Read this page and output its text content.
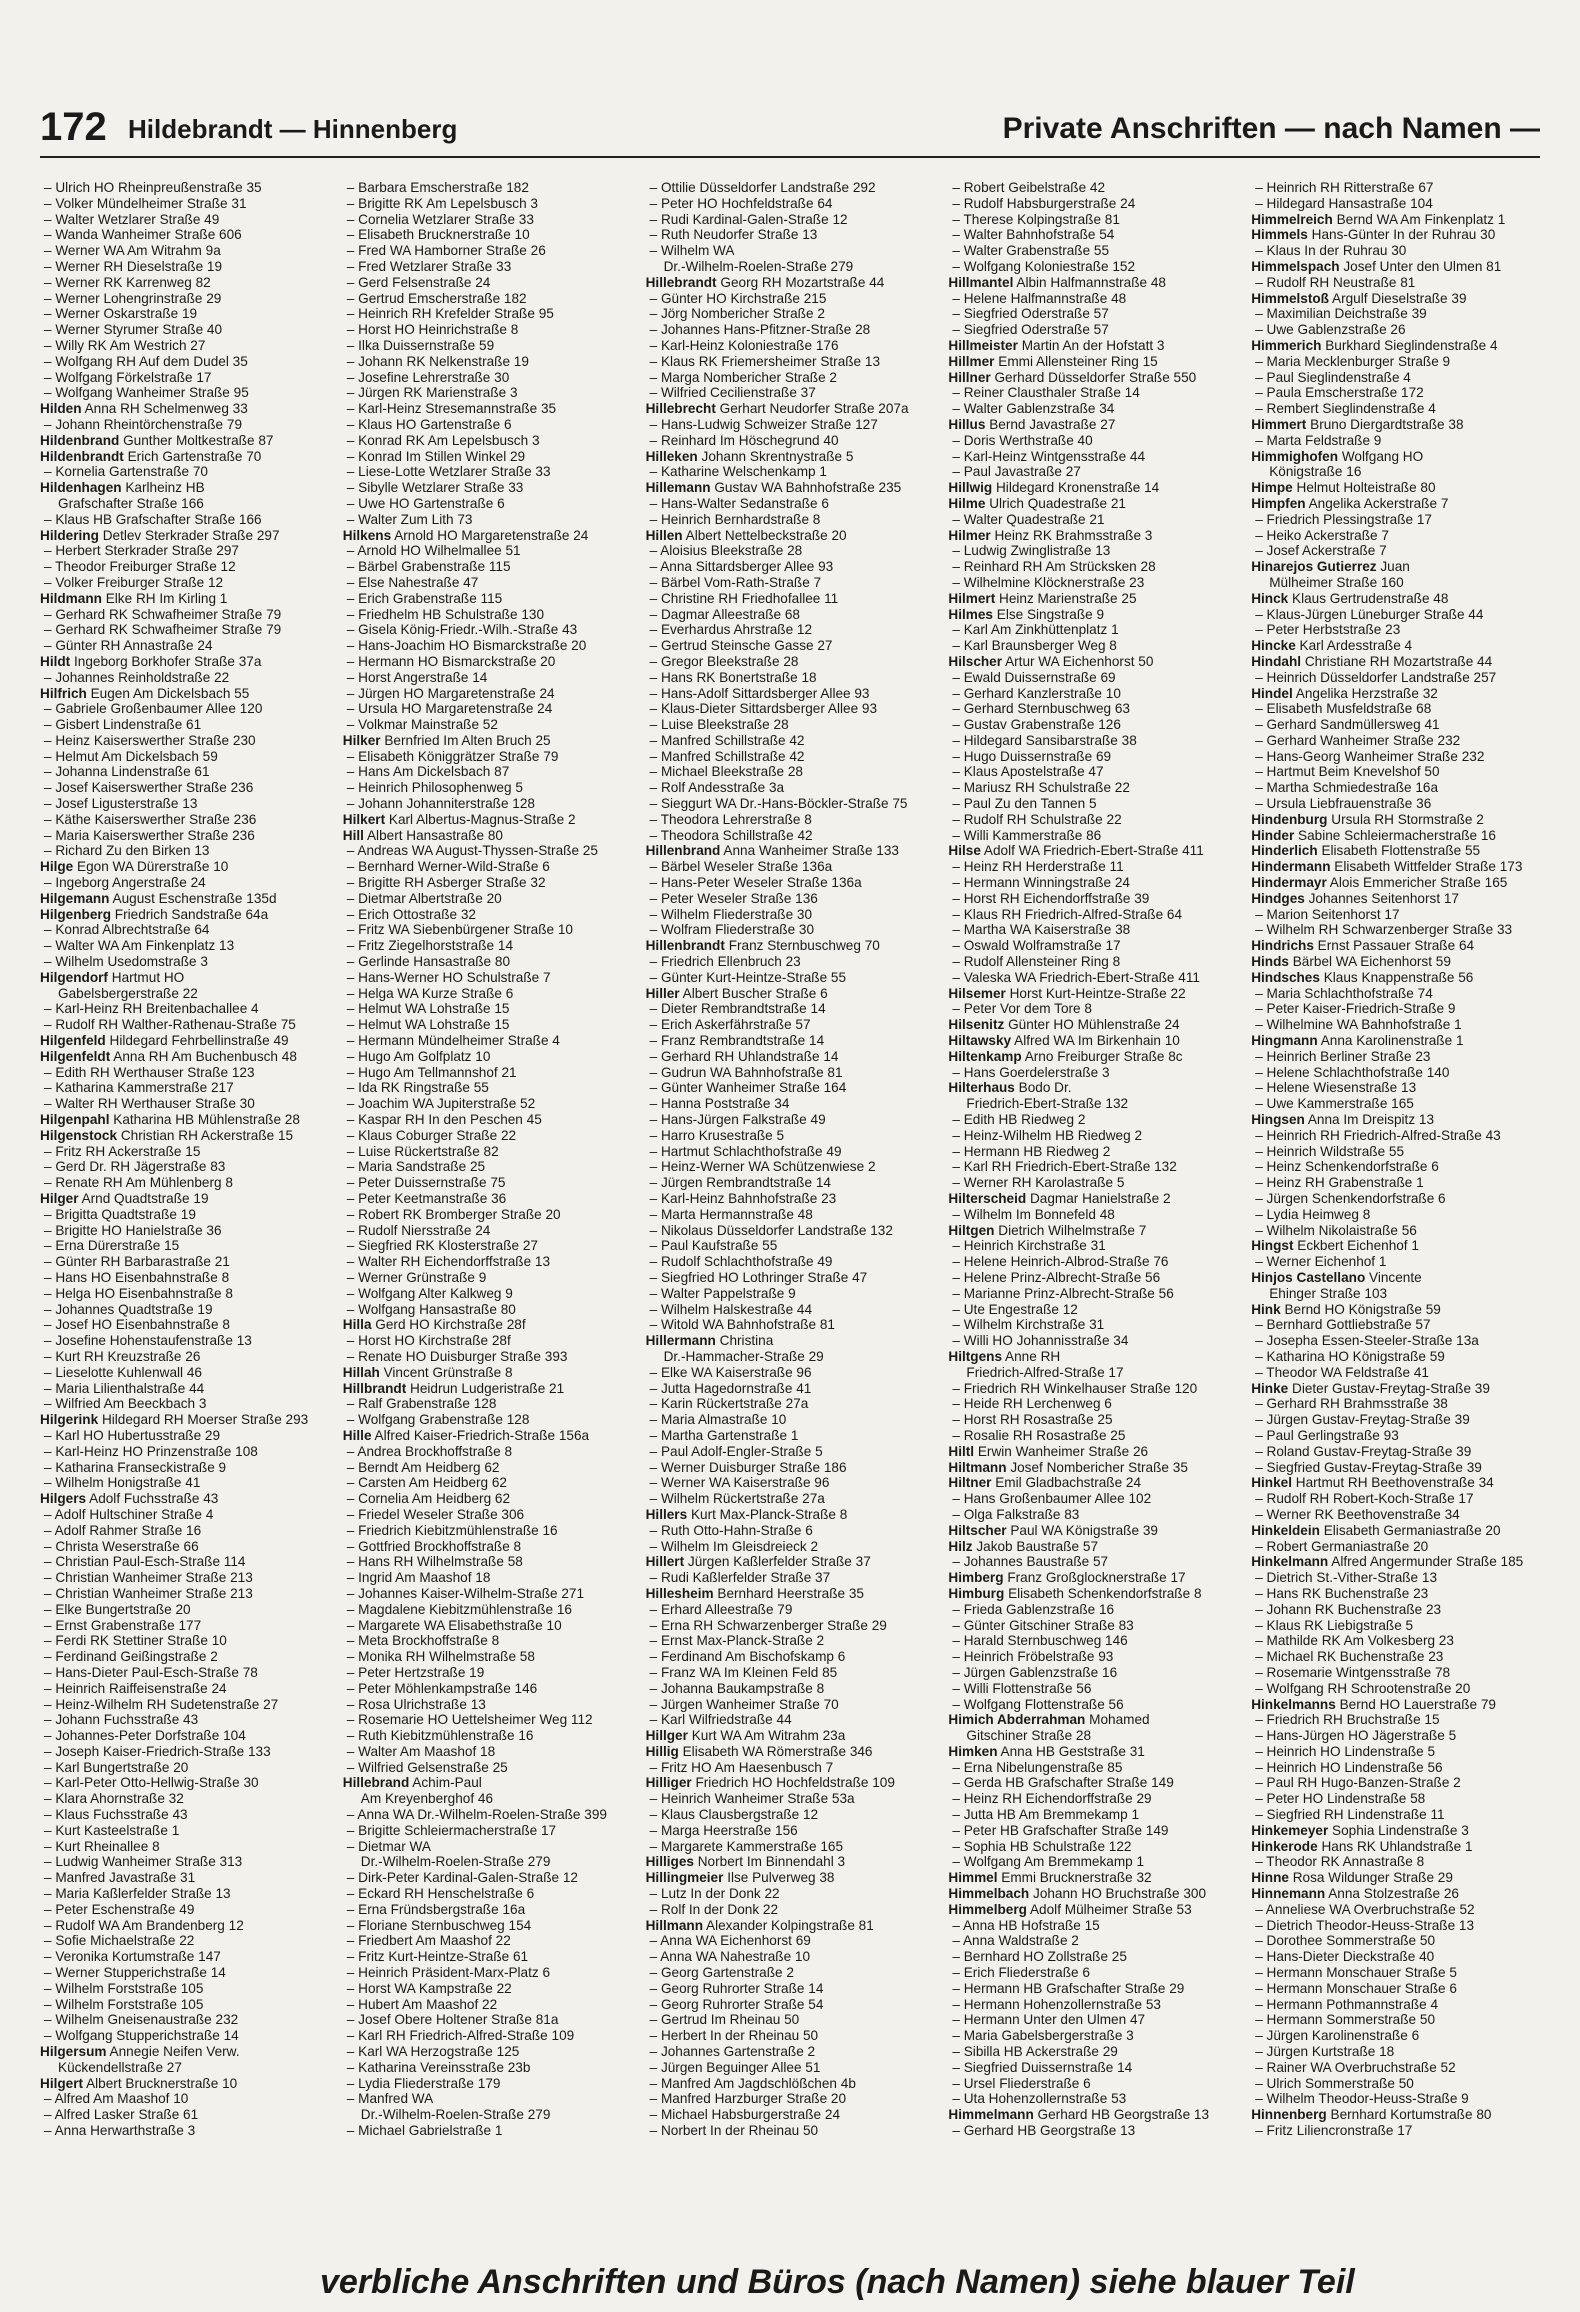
172 Hildebrandt — Hinnenberg	Private Anschriften — nach Namen —
– Ulrich HO Rheinpreußenstraße 35
– Volker Mündelheimer Straße 31
– Walter Wetzlarer Straße 49
– Wanda Wanheimer Straße 606
– Werner WA Am Witrahm 9a
– Werner RH Dieselstraße 19
– Werner RK Karrenweg 82
– Werner Lohengrinstraße 29
– Werner Oskarstraße 19
– Werner Styrumer Straße 40
– Willy RK Am Westrich 27
– Wolfgang RH Auf dem Dudel 35
– Wolfgang Förkelstraße 17
– Wolfgang Wanheimer Straße 95
Hilden Anna RH Schelmenweg 33
– Johann Rheintörchenstraße 79
Hildenbrand Gunther Moltkestraße 87
Hildenbrandt Erich Gartenstraße 70
– Kornelia Gartenstraße 70
Hildenhagen Karlheinz HB
Grafschafter Straße 166
– Klaus HB Grafschafter Straße 166
Hildering Detlev Sterkrader Straße 297
– Herbert Sterkrader Straße 297
– Theodor Freiburger Straße 12
– Volker Freiburger Straße 12
Hildmann Elke RH Im Kirling 1
– Gerhard RK Schwafheimer Straße 79
– Gerhard RK Schwafheimer Straße 79
– Günter RH Annastraße 24
Hildt Ingeborg Borkhofer Straße 37a
– Johannes Reinholdstraße 22
Hilfrich Eugen Am Dickelsbach 55
– Gabriele Großenbaumer Allee 120
– Gisbert Lindenstraße 61
– Heinz Kaiserswerther Straße 230
– Helmut Am Dickelsbach 59
– Johanna Lindenstraße 61
– Josef Kaiserswerther Straße 236
– Josef Ligusterstraße 13
– Käthe Kaiserswerther Straße 236
– Maria Kaiserswerther Straße 236
– Richard Zu den Birken 13
Hilge Egon WA Dürerstraße 10
– Ingeborg Angerstraße 24
Hilgemann August Eschenstraße 135d
Hilgenberg Friedrich Sandstraße 64a
– Konrad Albrechtstraße 64
– Walter WA Am Finkenplatz 13
– Wilhelm Usedomstraße 3
Hilgendorf Hartmut HO
Gabelsbergerstraße 22
– Karl-Heinz RH Breitenbachallee 4
– Rudolf RH Walther-Rathenau-Straße 75
Hilgenfeld Hildegard Fehrbellinstraße 49
Hilgenfeldt Anna RH Am Buchenbusch 48
– Edith RH Werthauser Straße 123
– Katharina Kammerstraße 217
– Walter RH Werthauser Straße 30
Hilgenpahl Katharina HB Mühlenstraße 28
Hilgenstock Christian RH Ackerstraße 15
– Fritz RH Ackerstraße 15
– Gerd Dr. RH Jägerstraße 83
– Renate RH Am Mühlenberg 8
Hilger Arnd Quadtstraße 19
– Brigitta Quadtstraße 19
– Brigitte HO Hanielstraße 36
– Erna Dürerstraße 15
– Günter RH Barbarastraße 21
– Hans HO Eisenbahnstraße 8
– Helga HO Eisenbahnstraße 8
– Johannes Quadtstraße 19
– Josef HO Eisenbahnstraße 8
– Josefine Hohenstaufenstraße 13
– Kurt RH Kreuzstraße 26
– Lieselotte Kuhlenwall 46
– Maria Lilienthalstraße 44
– Wilfried Am Beeckbach 3
Hilgerink Hildegard RH Moerser Straße 293
– Karl HO Hubertusstraße 29
– Karl-Heinz HO Prinzenstraße 108
– Katharina Franseckistraße 9
– Wilhelm Honigstraße 41
Hilgers Adolf Fuchsstraße 43
– Adolf Hultschiner Straße 4
– Adolf Rahmer Straße 16
– Christa Weserstraße 66
– Christian Paul-Esch-Straße 114
– Christian Wanheimer Straße 213
– Christian Wanheimer Straße 213
– Elke Bungertstraße 20
– Ernst Grabenstraße 177
– Ferdi RK Stettiner Straße 10
– Ferdinand Geißingstraße 2
– Hans-Dieter Paul-Esch-Straße 78
– Heinrich Raiffeisenstraße 24
– Heinz-Wilhelm RH Sudetenstraße 27
– Johann Fuchsstraße 43
– Johannes-Peter Dorfstraße 104
– Joseph Kaiser-Friedrich-Straße 133
– Karl Bungertstraße 20
– Karl-Peter Otto-Hellwig-Straße 30
– Klara Ahornstraße 32
– Klaus Fuchsstraße 43
– Kurt Kasteelstraße 1
– Kurt Rheinallee 8
– Ludwig Wanheimer Straße 313
– Manfred Javastraße 31
– Maria Kaßlerfelder Straße 13
– Peter Eschenstraße 49
– Rudolf WA Am Brandenberg 12
– Sofie Michaelstraße 22
– Veronika Kortumstraße 147
– Werner Stupperichstraße 14
– Wilhelm Forststraße 105
– Wilhelm Forststraße 105
– Wilhelm Gneisenaustraße 232
– Wolfgang Stupperichstraße 14
Hilgersum Annegie Neifen Verw.
Kückendellstraße 27
Hilgert Albert Brucknerstraße 10
– Alfred Am Maashof 10
– Alfred Lasker Straße 61
– Anna Herwarthstraße 3
– Barbara Emscherstraße 182
– Brigitte RK Am Lepelsbusch 3
– Cornelia Wetzlarer Straße 33
– Elisabeth Brucknerstraße 10
– Fred WA Hamborner Straße 26
– Fred Wetzlarer Straße 33
– Gerd Felsenstraße 24
– Gertrud Emscherstraße 182
– Heinrich RH Krefelder Straße 95
– Horst HO Heinrichstraße 8
– Ilka Duissernstraße 59
– Johann RK Nelkenstraße 19
– Josefine Lehrerstraße 30
– Jürgen RK Marienstraße 3
– Karl-Heinz Stresemannstraße 35
– Klaus HO Gartenstraße 6
– Konrad RK Am Lepelsbusch 3
– Konrad Im Stillen Winkel 29
– Liese-Lotte Wetzlarer Straße 33
– Sibylle Wetzlarer Straße 33
– Uwe HO Gartenstraße 6
– Walter Zum Lith 73
Hilkens Arnold HO Margaretenstraße 24
– Arnold HO Wilhelmallee 51
– Bärbel Grabenstraße 115
– Else Nahestraße 47
– Erich Grabenstraße 115
– Friedhelm HB Schulstraße 130
– Gisela König-Friedr.-Wilh.-Straße 43
– Hans-Joachim HO Bismarckstraße 20
– Hermann HO Bismarckstraße 20
– Horst Angerstraße 14
– Jürgen HO Margaretenstraße 24
– Ursula HO Margaretenstraße 24
– Volkmar Mainstraße 52
Hilker Bernfried Im Alten Bruch 25
– Elisabeth Königgrätzer Straße 79
– Hans Am Dickelsbach 87
– Heinrich Philosophenweg 5
– Johann Johanniterstraße 128
Hilkert Karl Albertus-Magnus-Straße 2
Hill Albert Hansastraße 80
– Andreas WA August-Thyssen-Straße 25
– Bernhard Werner-Wild-Straße 6
– Brigitte RH Asberger Straße 32
– Dietmar Albertstraße 20
– Erich Ottostraße 32
– Fritz WA Siebenbürgener Straße 10
– Fritz Ziegelhorststraße 14
– Gerlinde Hansastraße 80
– Hans-Werner HO Schulstraße 7
– Helga WA Kurze Straße 6
– Helmut WA Lohstraße 15
– Helmut WA Lohstraße 15
– Hermann Mündelheimer Straße 4
– Hugo Am Golfplatz 10
– Hugo Am Tellmannshof 21
– Ida RK Ringstraße 55
– Joachim WA Jupiterstraße 52
– Kaspar RH In den Peschen 45
– Klaus Coburger Straße 22
– Luise Rückertstraße 82
– Maria Sandstraße 25
– Peter Duissernstraße 75
– Peter Keetmanstraße 36
– Robert RK Bromberger Straße 20
– Rudolf Niersstraße 24
– Siegfried RK Klosterstraße 27
– Walter RH Eichendorffstraße 13
– Werner Grünstraße 9
– Wolfgang Alter Kalkweg 9
– Wolfgang Hansastraße 80
Hilla Gerd HO Kirchstraße 28f
– Horst HO Kirchstraße 28f
– Renate HO Duisburger Straße 393
Hillah Vincent Grünstraße 8
Hillbrandt Heidrun Ludgeristraße 21
– Ralf Grabenstraße 128
– Wolfgang Grabenstraße 128
Hille Alfred Kaiser-Friedrich-Straße 156a
– Andrea Brockhoffstraße 8
– Berndt Am Heidberg 62
– Carsten Am Heidberg 62
– Cornelia Am Heidberg 62
– Friedel Weseler Straße 306
– Friedrich Kiebitzmühlenstraße 16
– Gottfried Brockhoffstraße 8
– Hans RH Wilhelmstraße 58
– Ingrid Am Maashof 18
– Johannes Kaiser-Wilhelm-Straße 271
– Magdalene Kiebitzmühlenstraße 16
– Margarete WA Elisabethstraße 10
– Meta Brockhoffstraße 8
– Monika RH Wilhelmstraße 58
– Peter Hertzstraße 19
– Peter Möhlenkampstraße 146
– Rosa Ulrichstraße 13
– Rosemarie HO Uettelsheimer Weg 112
– Ruth Kiebitzmühlenstraße 16
– Walter Am Maashof 18
– Wilfried Gelsenstraße 25
Hillebrand Achim-Paul
Am Kreyenberghof 46
– Anna WA Dr.-Wilhelm-Roelen-Straße 399
– Brigitte Schleiermacherstraße 17
– Dietmar WA
Dr.-Wilhelm-Roelen-Straße 279
– Dirk-Peter Kardinal-Galen-Straße 12
– Eckard RH Henschelstraße 6
– Erna Fründsbergstraße 16a
– Floriane Sternbuschweg 154
– Friedbert Am Maashof 22
– Fritz Kurt-Heintze-Straße 61
– Heinrich Präsident-Marx-Platz 6
– Horst WA Kampstraße 22
– Hubert Am Maashof 22
– Josef Obere Holtener Straße 81a
– Karl RH Friedrich-Alfred-Straße 109
– Karl WA Herzogstraße 125
– Katharina Vereinsstraße 23b
– Lydia Fliederstraße 179
– Manfred WA
Dr.-Wilhelm-Roelen-Straße 279
– Michael Gabrielstraße 1
– Ottilie Düsseldorfer Landstraße 292
– Peter HO Hochfeldstraße 64
– Rudi Kardinal-Galen-Straße 12
– Ruth Neudorfer Straße 13
– Wilhelm WA
Dr.-Wilhelm-Roelen-Straße 279
Hillebrandt Georg RH Mozartstraße 44
– Günter HO Kirchstraße 215
– Jörg Nombericher Straße 2
– Johannes Hans-Pfitzner-Straße 28
– Karl-Heinz Koloniestraße 176
– Klaus RK Friemersheimer Straße 13
– Marga Nombericher Straße 2
– Wilfried Cecilienstraße 37
Hillebrecht Gerhart Neudorfer Straße 207a
– Hans-Ludwig Schweizer Straße 127
– Reinhard Im Höschegrund 40
Hilleken Johann Skrentnystraße 5
– Katharine Welschenkamp 1
Hillemann Gustav WA Bahnhofstraße 235
– Hans-Walter Sedanstraße 6
– Heinrich Bernhardstraße 8
Hillen Albert Nettelbeckstraße 20
– Aloisius Bleekstraße 28
– Anna Sittardsberger Allee 93
– Bärbel Vom-Rath-Straße 7
– Christine RH Friedhofallee 11
– Dagmar Alleestraße 68
– Everhardus Ahrstraße 12
– Gertrud Steinsche Gasse 27
– Gregor Bleekstraße 28
– Hans RK Bonertstraße 18
– Hans-Adolf Sittardsberger Allee 93
– Klaus-Dieter Sittardsberger Allee 93
– Luise Bleekstraße 28
– Manfred Schillstraße 42
– Manfred Schillstraße 42
– Michael Bleekstraße 28
– Rolf Andesstraße 3a
– Sieggurt WA Dr.-Hans-Böckler-Straße 75
– Theodora Lehrerstraße 8
– Theodora Schillstraße 42
Hillenbrand Anna Wanheimer Straße 133
– Bärbel Weseler Straße 136a
– Hans-Peter Weseler Straße 136a
– Peter Weseler Straße 136
– Wilhelm Fliederstraße 30
– Wolfram Fliederstraße 30
Hillenbrandt Franz Sternbuschweg 70
– Friedrich Ellenbruch 23
– Günter Kurt-Heintze-Straße 55
Hiller Albert Buscher Straße 6
– Dieter Rembrandtstraße 14
– Erich Askerfährstraße 57
– Franz Rembrandtstraße 14
– Gerhard RH Uhlandstraße 14
– Gudrun WA Bahnhofstraße 81
– Günter Wanheimer Straße 164
– Hanna Poststraße 34
– Hans-Jürgen Falkstraße 49
– Harro Krusestraße 5
– Hartmut Schlachthofstraße 49
– Heinz-Werner WA Schützenwiese 2
– Jürgen Rembrandtstraße 14
– Karl-Heinz Bahnhofstraße 23
– Marta Hermannstraße 48
– Nikolaus Düsseldorfer Landstraße 132
– Paul Kaufstraße 55
– Rudolf Schlachthofstraße 49
– Siegfried HO Lothringer Straße 47
– Walter Pappelstraße 9
– Wilhelm Halskestraße 44
– Witold WA Bahnhofstraße 81
Hillermann Christina
Dr.-Hammacher-Straße 29
– Elke WA Kaiserstraße 96
– Jutta Hagedornstraße 41
– Karin Rückertstraße 27a
– Maria Almastraße 10
– Martha Gartenstraße 1
– Paul Adolf-Engler-Straße 5
– Werner Duisburger Straße 186
– Werner WA Kaiserstraße 96
– Wilhelm Rückertstraße 27a
Hillers Kurt Max-Planck-Straße 8
– Ruth Otto-Hahn-Straße 6
– Wilhelm Im Gleisdreieck 2
Hillert Jürgen Kaßlerfelder Straße 37
– Rudi Kaßlerfelder Straße 37
Hillesheim Bernhard Heerstraße 35
– Erhard Alleestraße 79
– Erna RH Schwarzenberger Straße 29
– Ernst Max-Planck-Straße 2
– Ferdinand Am Bischofskamp 6
– Franz WA Im Kleinen Feld 85
– Johanna Baukampstraße 8
– Jürgen Wanheimer Straße 70
– Karl Wilfriedstraße 44
Hillger Kurt WA Am Witrahm 23a
Hillig Elisabeth WA Römerstraße 346
– Fritz HO Am Haesenbusch 7
Hilliger Friedrich HO Hochfeldstraße 109
– Heinrich Wanheimer Straße 53a
– Klaus Clausbergstraße 12
– Marga Heerstraße 156
– Margarete Kammerstraße 165
Hilliges Norbert Im Binnendahl 3
Hillingmeier Ilse Pulverweg 38
– Lutz In der Donk 22
– Rolf In der Donk 22
Hillmann Alexander Kolpingstraße 81
– Anna WA Eichenhorst 69
– Anna WA Nahestraße 10
– Georg Gartenstraße 2
– Georg Ruhrorter Straße 14
– Georg Ruhrorter Straße 54
– Gertrud Im Rheinau 50
– Herbert In der Rheinau 50
– Johannes Gartenstraße 2
– Jürgen Beguinger Allee 51
– Manfred Am Jagdschlößchen 4b
– Manfred Harzburger Straße 20
– Michael Habsburgerstraße 24
– Norbert In der Rheinau 50
– Robert Geibelstraße 42
– Rudolf Habsburgerstraße 24
– Therese Kolpingstraße 81
– Walter Bahnhofstraße 54
– Walter Grabenstraße 55
– Wolfgang Koloniestraße 152
Hillmantel Albin Halfmannstraße 48
– Helene Halfmannstraße 48
– Siegfried Oderstraße 57
– Siegfried Oderstraße 57
Hillmeister Martin An der Hofstatt 3
Hillmer Emmi Allensteiner Ring 15
Hillner Gerhard Düsseldorfer Straße 550
– Reiner Clausthaler Straße 14
– Walter Gablenzstraße 34
Hillus Bernd Javastraße 27
– Doris Werthstraße 40
– Karl-Heinz Wintgensstraße 44
– Paul Javastraße 27
Hillwig Hildegard Kronenstraße 14
Hilme Ulrich Quadestraße 21
– Walter Quadestraße 21
Hilmer Heinz RK Brahmsstraße 3
– Ludwig Zwinglistraße 13
– Reinhard RH Am Strücksken 28
– Wilhelmine Klöcknerstraße 23
Hilmert Heinz Marienstraße 25
Hilmes Else Singstraße 9
– Karl Am Zinkhüttenplatz 1
– Karl Braunsberger Weg 8
Hilscher Artur WA Eichenhorst 50
– Ewald Duissernstraße 69
– Gerhard Kanzlerstraße 10
– Gerhard Sternbuschweg 63
– Gustav Grabenstraße 126
– Hildegard Sansibarstraße 38
– Hugo Duissernstraße 69
– Klaus Apostelstraße 47
– Mariusz RH Schulstraße 22
– Paul Zu den Tannen 5
– Rudolf RH Schulstraße 22
– Willi Kammerstraße 86
Hilse Adolf WA Friedrich-Ebert-Straße 411
– Heinz RH Herderstraße 11
– Hermann Winningstraße 24
– Horst RH Eichendorffstraße 39
– Klaus RH Friedrich-Alfred-Straße 64
– Martha WA Kaiserstraße 38
– Oswald Wolframstraße 17
– Rudolf Allensteiner Ring 8
– Valeska WA Friedrich-Ebert-Straße 411
Hilsemer Horst Kurt-Heintze-Straße 22
– Peter Vor dem Tore 8
Hilsenitz Günter HO Mühlenstraße 24
Hiltawsky Alfred WA Im Birkenhain 10
Hiltenkamp Arno Freiburger Straße 8c
– Hans Goerdelerstraße 3
Hilterhaus Bodo Dr.
Friedrich-Ebert-Straße 132
– Edith HB Riedweg 2
– Heinz-Wilhelm HB Riedweg 2
– Hermann HB Riedweg 2
– Karl RH Friedrich-Ebert-Straße 132
– Werner RH Karolastraße 5
Hilterscheid Dagmar Hanielstraße 2
– Wilhelm Im Bonnefeld 48
Hiltgen Dietrich Wilhelmstraße 7
– Heinrich Kirchstraße 31
– Helene Heinrich-Albrod-Straße 76
– Helene Prinz-Albrecht-Straße 56
– Marianne Prinz-Albrecht-Straße 56
– Ute Engestraße 12
– Wilhelm Kirchstraße 31
– Willi HO Johannisstraße 34
Hiltgens Anne RH
Friedrich-Alfred-Straße 17
– Friedrich RH Winkelhauser Straße 120
– Heide RH Lerchenweg 6
– Horst RH Rosastraße 25
– Rosalie RH Rosastraße 25
Hiltl Erwin Wanheimer Straße 26
Hiltmann Josef Nombericher Straße 35
Hiltner Emil Gladbachstraße 24
– Hans Großenbaumer Allee 102
– Olga Falkstraße 83
Hiltscher Paul WA Königstraße 39
Hilz Jakob Baustraße 57
– Johannes Baustraße 57
Himberg Franz Großglocknerstraße 17
Himburg Elisabeth Schenkendorfstraße 8
– Frieda Gablenzstraße 16
– Günter Gitschiner Straße 83
– Harald Sternbuschweg 146
– Heinrich Fröbelstraße 93
– Jürgen Gablenzstraße 16
– Willi Flottenstraße 56
– Wolfgang Flottenstraße 56
Himich Abderrahman Mohamed
Gitschiner Straße 28
Himken Anna HB Geststraße 31
– Erna Nibelungenstraße 85
– Gerda HB Grafschafter Straße 149
– Heinz RH Eichendorffstraße 29
– Jutta HB Am Bremmekamp 1
– Peter HB Grafschafter Straße 149
– Sophia HB Schulstraße 122
– Wolfgang Am Bremmekamp 1
Himmel Emmi Brucknerstraße 32
Himmelbach Johann HO Bruchstraße 300
Himmelberg Adolf Mülheimer Straße 53
– Anna HB Hofstraße 15
– Anna Waldstraße 2
– Bernhard HO Zollstraße 25
– Erich Fliederstraße 6
– Hermann HB Grafschafter Straße 29
– Hermann Hohenzollernstraße 53
– Hermann Unter den Ulmen 47
– Maria Gabelsbergerstraße 3
– Sibilla HB Ackerstraße 29
– Siegfried Duissernstraße 14
– Ursel Fliederstraße 6
– Uta Hohenzollernstraße 53
Himmelmann Gerhard HB Georgstraße 13
– Gerhard HB Georgstraße 13
– Heinrich RH Ritterstraße 67
– Hildegard Hansastraße 104
Himmelreich Bernd WA Am Finkenplatz 1
Himmels Hans-Günter In der Ruhrau 30
– Klaus In der Ruhrau 30
Himmelspach Josef Unter den Ulmen 81
– Rudolf RH Neustraße 81
Himmelstoß Argulf Dieselstraße 39
– Maximilian Deichstraße 39
– Uwe Gablenzstraße 26
Himmerich Burkhard Sieglindenstraße 4
– Maria Mecklenburger Straße 9
– Paul Sieglindenstraße 4
– Paula Emscherstraße 172
– Rembert Sieglindenstraße 4
Himmert Bruno Diergardtstraße 38
– Marta Feldstraße 9
Himmighofen Wolfgang HO
Königstraße 16
Himpe Helmut Holteistraße 80
Himpfen Angelika Ackerstraße 7
– Friedrich Plessingstraße 17
– Heiko Ackerstraße 7
– Josef Ackerstraße 7
Hinarejos Gutierrez Juan
Mülheimer Straße 160
Hinck Klaus Gertrudenstraße 48
– Klaus-Jürgen Lüneburger Straße 44
– Peter Herbststraße 23
Hincke Karl Ardesstraße 4
Hindahl Christiane RH Mozartstraße 44
– Heinrich Düsseldorfer Landstraße 257
Hindel Angelika Herzstraße 32
– Elisabeth Musfeldstraße 68
– Gerhard Sandmüllersweg 41
– Gerhard Wanheimer Straße 232
– Hans-Georg Wanheimer Straße 232
– Hartmut Beim Knevelshof 50
– Martha Schmiedestraße 16a
– Ursula Liebfrauenstraße 36
Hindenburg Ursula RH Stormstraße 2
Hinder Sabine Schleiermacherstraße 16
Hinderlich Elisabeth Flottenstraße 55
Hindermann Elisabeth Wittfelder Straße 173
Hindermayr Alois Emmericher Straße 165
Hindges Johannes Seitenhorst 17
– Marion Seitenhorst 17
– Wilhelm RH Schwarzenberger Straße 33
Hindrichs Ernst Passauer Straße 64
Hinds Bärbel WA Eichenhorst 59
Hindsches Klaus Knappenstraße 56
– Maria Schlachthofstraße 74
– Peter Kaiser-Friedrich-Straße 9
– Wilhelmine WA Bahnhofstraße 1
Hingmann Anna Karolinenstraße 1
– Heinrich Berliner Straße 23
– Helene Schlachthofstraße 140
– Helene Wiesenstraße 13
– Uwe Kammerstraße 165
Hingsen Anna Im Dreispitz 13
– Heinrich RH Friedrich-Alfred-Straße 43
– Heinrich Wildstraße 55
– Heinz Schenkendorfstraße 6
– Heinz RH Grabenstraße 1
– Jürgen Schenkendorfstraße 6
– Lydia Heimweg 8
– Wilhelm Nikolaistraße 56
Hingst Eckbert Eichenhof 1
– Werner Eichenhof 1
Hinjos Castellano Vincente
Ehinger Straße 103
Hink Bernd HO Königstraße 59
– Bernhard Gottliebstraße 57
– Josepha Essen-Steeler-Straße 13a
– Katharina HO Königstraße 59
– Theodor WA Feldstraße 41
Hinke Dieter Gustav-Freytag-Straße 39
– Gerhard RH Brahmsstraße 38
– Jürgen Gustav-Freytag-Straße 39
– Paul Gerlingstraße 93
– Roland Gustav-Freytag-Straße 39
– Siegfried Gustav-Freytag-Straße 39
Hinkel Hartmut RH Beethovenstraße 34
– Rudolf RH Robert-Koch-Straße 17
– Werner RK Beethovenstraße 34
Hinkeldein Elisabeth Germaniastraße 20
– Robert Germaniastraße 20
Hinkelmann Alfred Angermunder Straße 185
– Dietrich St.-Vither-Straße 13
– Hans RK Buchenstraße 23
– Johann RK Buchenstraße 23
– Klaus RK Liebigstraße 5
– Mathilde RK Am Volkesberg 23
– Michael RK Buchenstraße 23
– Rosemarie Wintgensstraße 78
– Wolfgang RH Schrootenstraße 20
Hinkelmanns Bernd HO Lauerstraße 79
– Friedrich RH Bruchstraße 15
– Hans-Jürgen HO Jägerstraße 5
– Heinrich HO Lindenstraße 5
– Heinrich HO Lindenstraße 56
– Paul RH Hugo-Banzen-Straße 2
– Peter HO Lindenstraße 58
– Siegfried RH Lindenstraße 11
Hinkemeyer Sophia Lindenstraße 3
Hinkerode Hans RK Uhlandstraße 1
– Theodor RK Annastraße 8
Hinne Rosa Wildunger Straße 29
Hinnemann Anna Stolzestraße 26
– Anneliese WA Overbruchstraße 52
– Dietrich Theodor-Heuss-Straße 13
– Dorothee Sommerstraße 50
– Hans-Dieter Dieckstraße 40
– Hermann Monschauer Straße 5
– Hermann Monschauer Straße 6
– Hermann Pothmannstraße 4
– Hermann Sommerstraße 50
– Jürgen Karolinenstraße 6
– Jürgen Kurtstraße 18
– Rainer WA Overbruchstraße 52
– Ulrich Sommerstraße 50
– Wilhelm Theodor-Heuss-Straße 9
Hinnenberg Bernhard Kortumstraße 80
– Fritz Liliencronstraße 17
verbliche Anschriften und Büros (nach Namen) siehe blauer Teil
